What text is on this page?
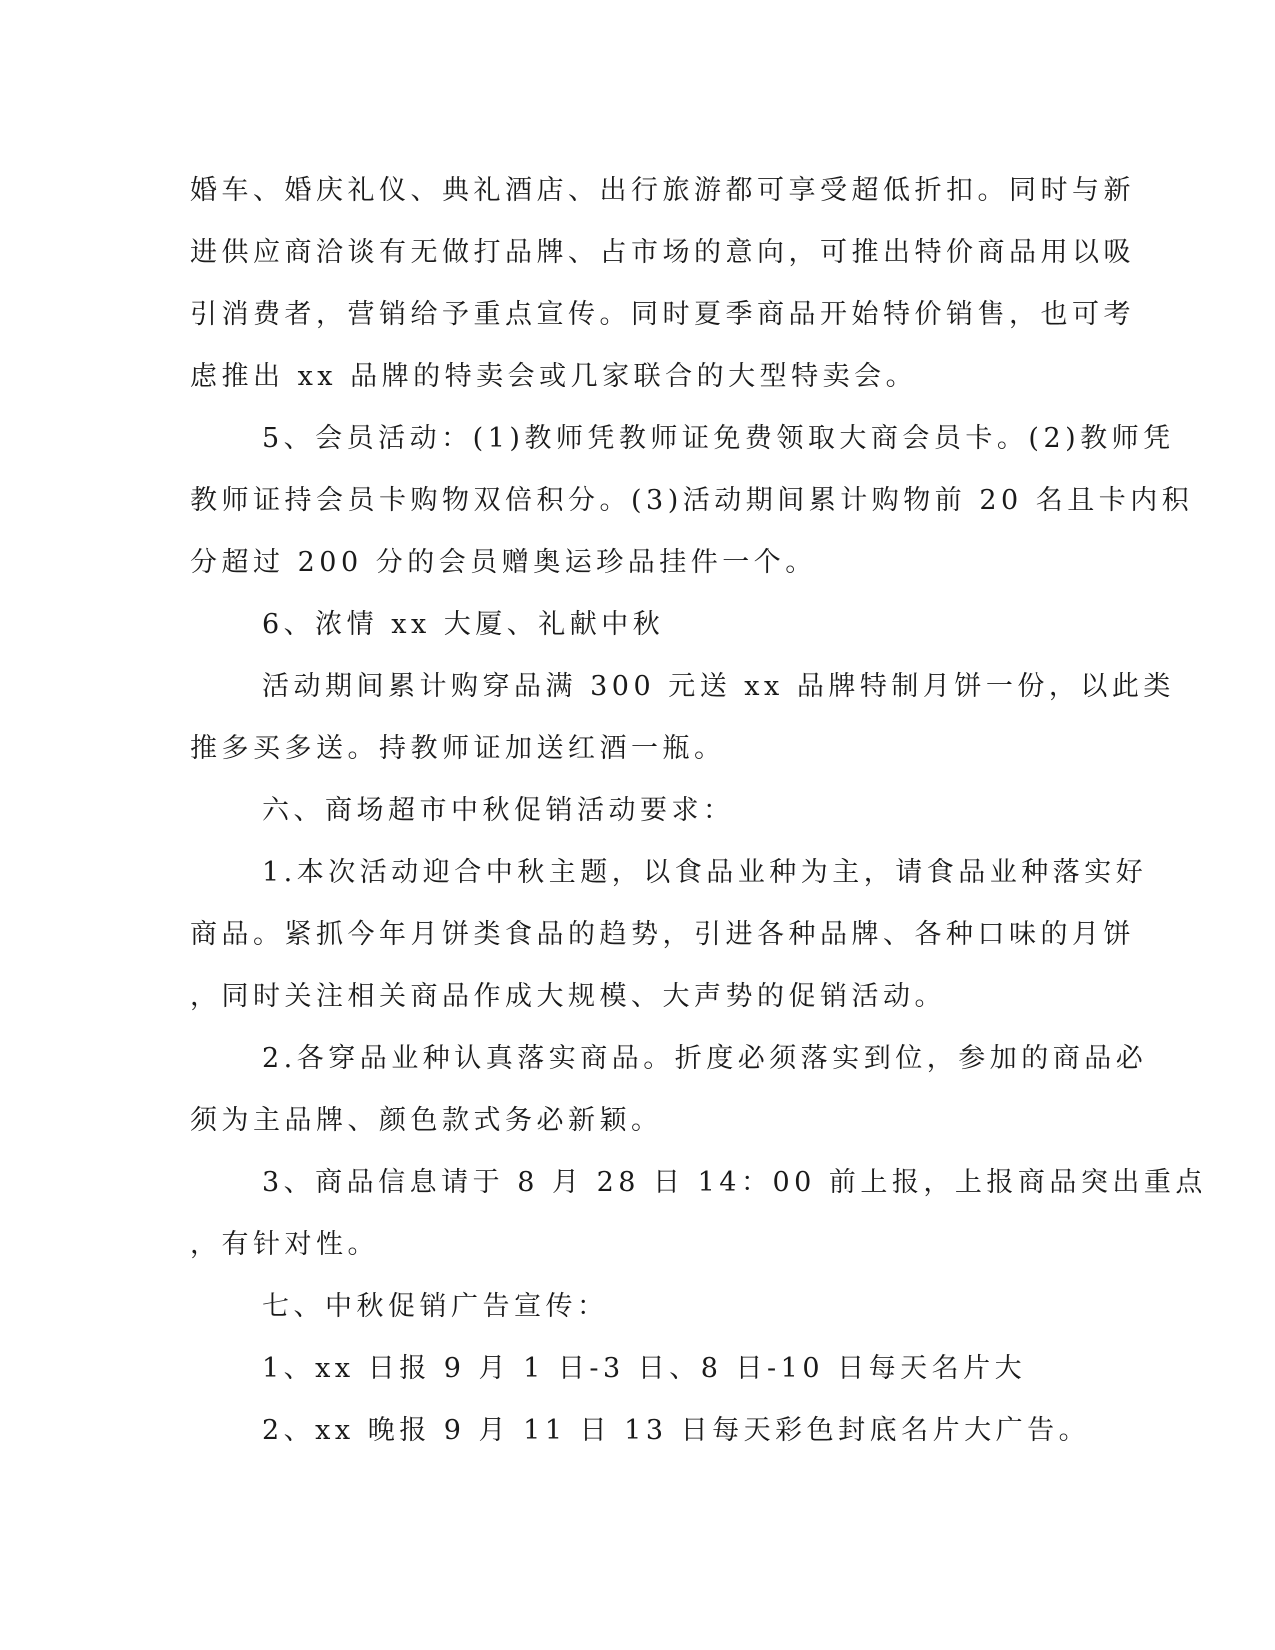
婚车、婚庆礼仪、典礼酒店、出行旅游都可享受超低折扣。同时与新
进供应商洽谈有无做打品牌、占市场的意向，可推出特价商品用以吸
引消费者，营销给予重点宣传。同时夏季商品开始特价销售，也可考
虑推出 xx 品牌的特卖会或几家联合的大型特卖会。
5、会员活动：(1)教师凭教师证免费领取大商会员卡。(2)教师凭
教师证持会员卡购物双倍积分。(3)活动期间累计购物前 20 名且卡内积
分超过 200 分的会员赠奥运珍品挂件一个。
6、浓情 xx 大厦、礼献中秋
活动期间累计购穿品满 300 元送 xx 品牌特制月饼一份，以此类
推多买多送。持教师证加送红酒一瓶。
六、商场超市中秋促销活动要求：
1.本次活动迎合中秋主题，以食品业种为主，请食品业种落实好
商品。紧抓今年月饼类食品的趋势，引进各种品牌、各种口味的月饼
，同时关注相关商品作成大规模、大声势的促销活动。
2.各穿品业种认真落实商品。折度必须落实到位，参加的商品必
须为主品牌、颜色款式务必新颖。
3、商品信息请于 8 月 28 日 14：00 前上报，上报商品突出重点
，有针对性。
七、中秋促销广告宣传：
1、xx 日报 9 月 1 日-3 日、8 日-10 日每天名片大
2、xx 晚报 9 月 11 日 13 日每天彩色封底名片大广告。
